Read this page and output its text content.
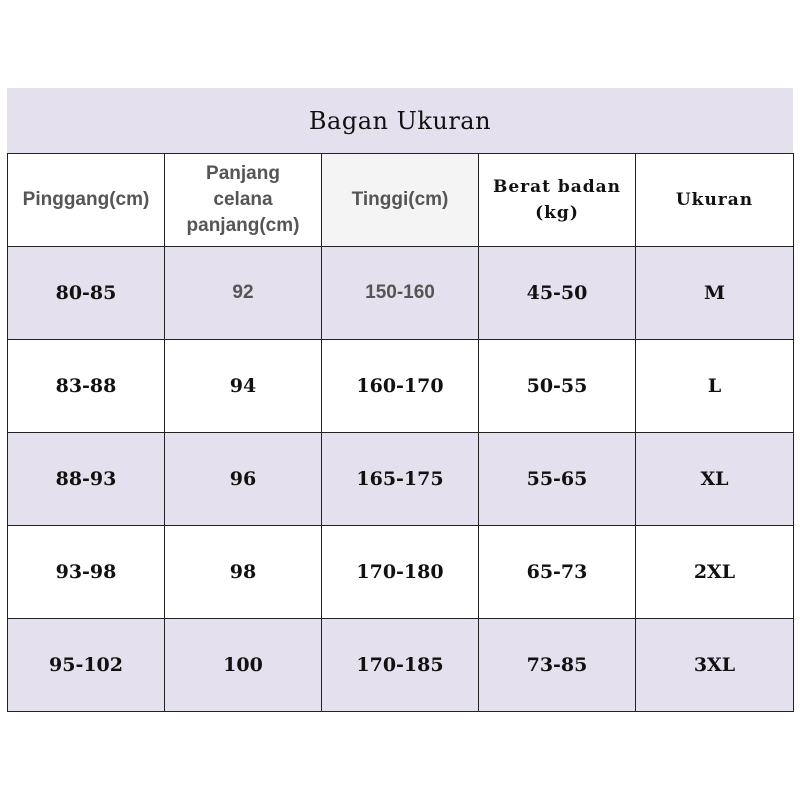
Bagan Ukuran
Pinggang(cm)	Panjang celana panjang(cm)	Tinggi(cm)	Berat badan (kg)	Ukuran
80-85	92	150-160	45-50	M
83-88	94	160-170	50-55	L
88-93	96	165-175	55-65	XL
93-98	98	170-180	65-73	2XL
95-102	100	170-185	73-85	3XL
